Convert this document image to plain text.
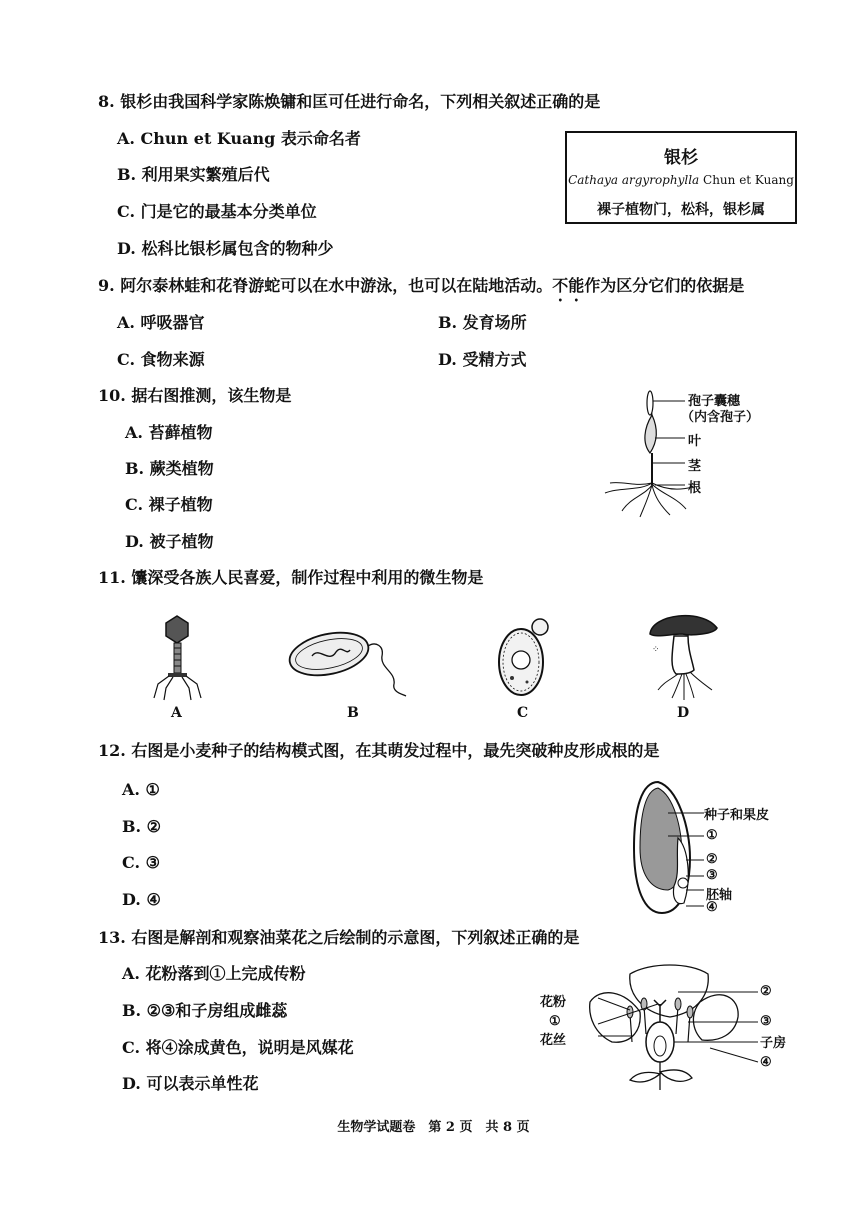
8. 银杉由我国科学家陈焕镛和匡可任进行命名，下列相关叙述正确的是
A. Chun et Kuang 表示命名者
B. 利用果实繁殖后代
C. 门是它的最基本分类单位
D. 松科比银杉属包含的物种少
银杉
Cathaya argyrophylla Chun et Kuang
裸子植物门，松科，银杉属
9. 阿尔泰林蛙和花脊游蛇可以在水中游泳，也可以在陆地活动。不能作为区分它们的依据是
A. 呼吸器官	B. 发育场所
C. 食物来源	D. 受精方式
10. 据右图推测，该生物是
A. 苔藓植物
B. 蕨类植物
C. 裸子植物
D. 被子植物
孢子囊穗
（内含孢子）
叶
茎
根
11. 馕深受各族人民喜爱，制作过程中利用的微生物是
⁘
A	B	C	D
12. 右图是小麦种子的结构模式图，在其萌发过程中，最先突破种皮形成根的是
A. ①
B. ②
C. ③
D. ④
种子和果皮
①
②
③
胚轴
④
13. 右图是解剖和观察油菜花之后绘制的示意图，下列叙述正确的是
A. 花粉落到①上完成传粉
B. ②③和子房组成雌蕊
C. 将④涂成黄色，说明是风媒花
D. 可以表示单性花
花粉
①
花丝
②
③
子房
④
生物学试题卷　第 2 页　共 8 页
